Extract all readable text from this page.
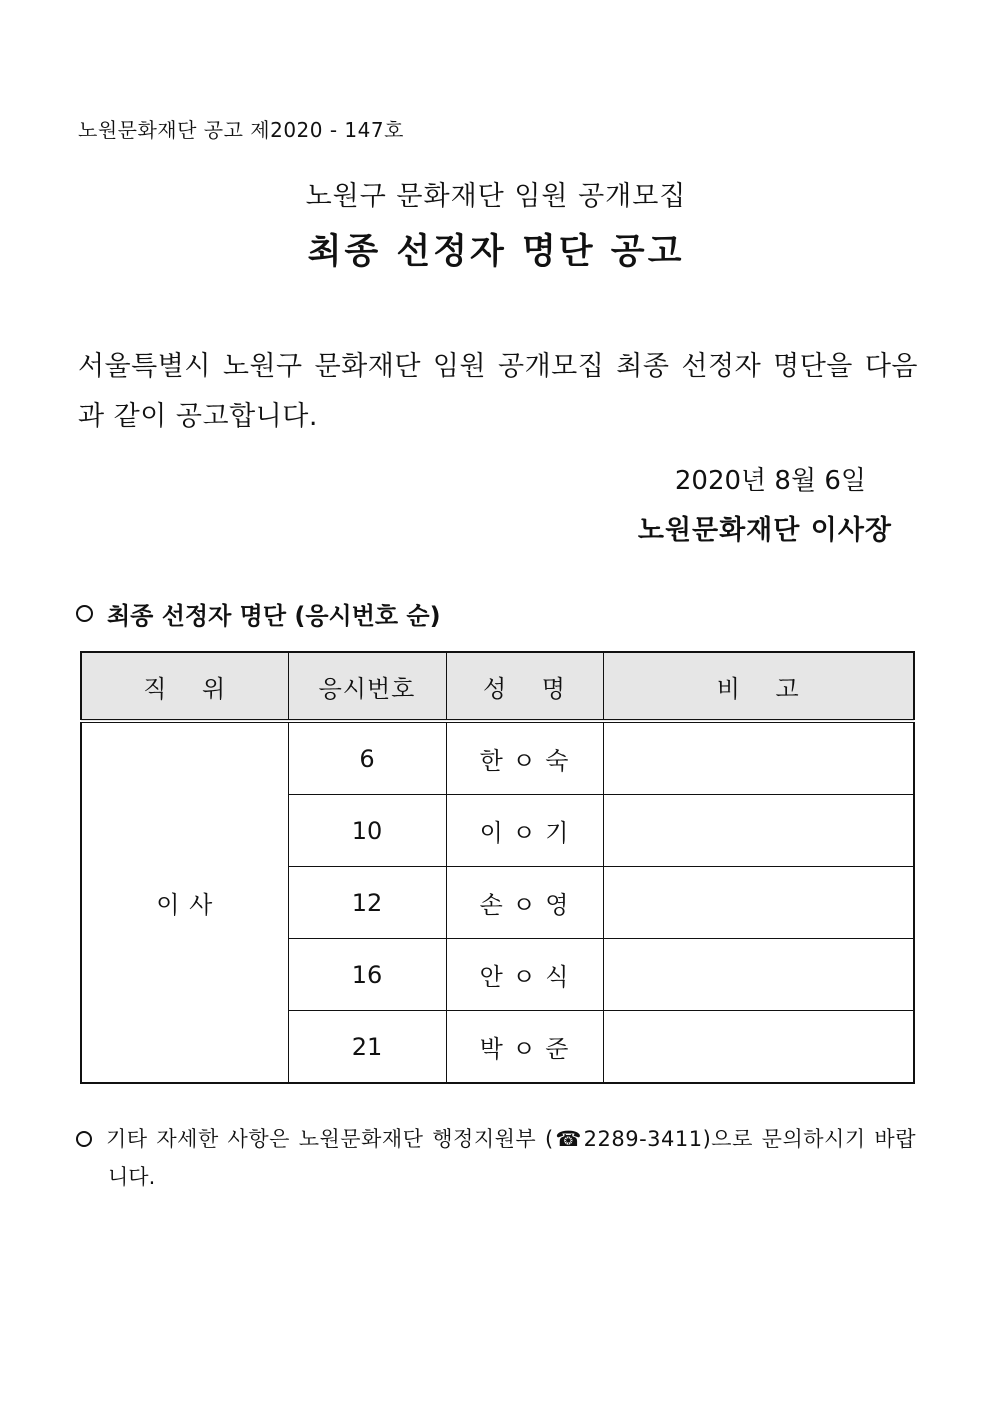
노원문화재단 공고 제2020 - 147호
노원구 문화재단 임원 공개모집
최종 선정자 명단 공고
서울특별시 노원구 문화재단 임원 공개모집 최종 선정자 명단을 다음과 같이 공고합니다.
2020년 8월 6일
노원문화재단 이사장
최종 선정자 명단 (응시번호 순)
직    위	응시번호	성    명	비    고
이 사	6	한 ㅇ 숙	
	10	이 ㅇ 기	
	12	손 ㅇ 영	
	16	안 ㅇ 식	
	21	박 ㅇ 준	
기타 자세한 사항은 노원문화재단 행정지원부 (☎2289-3411)으로 문의하시기 바랍
니다.
